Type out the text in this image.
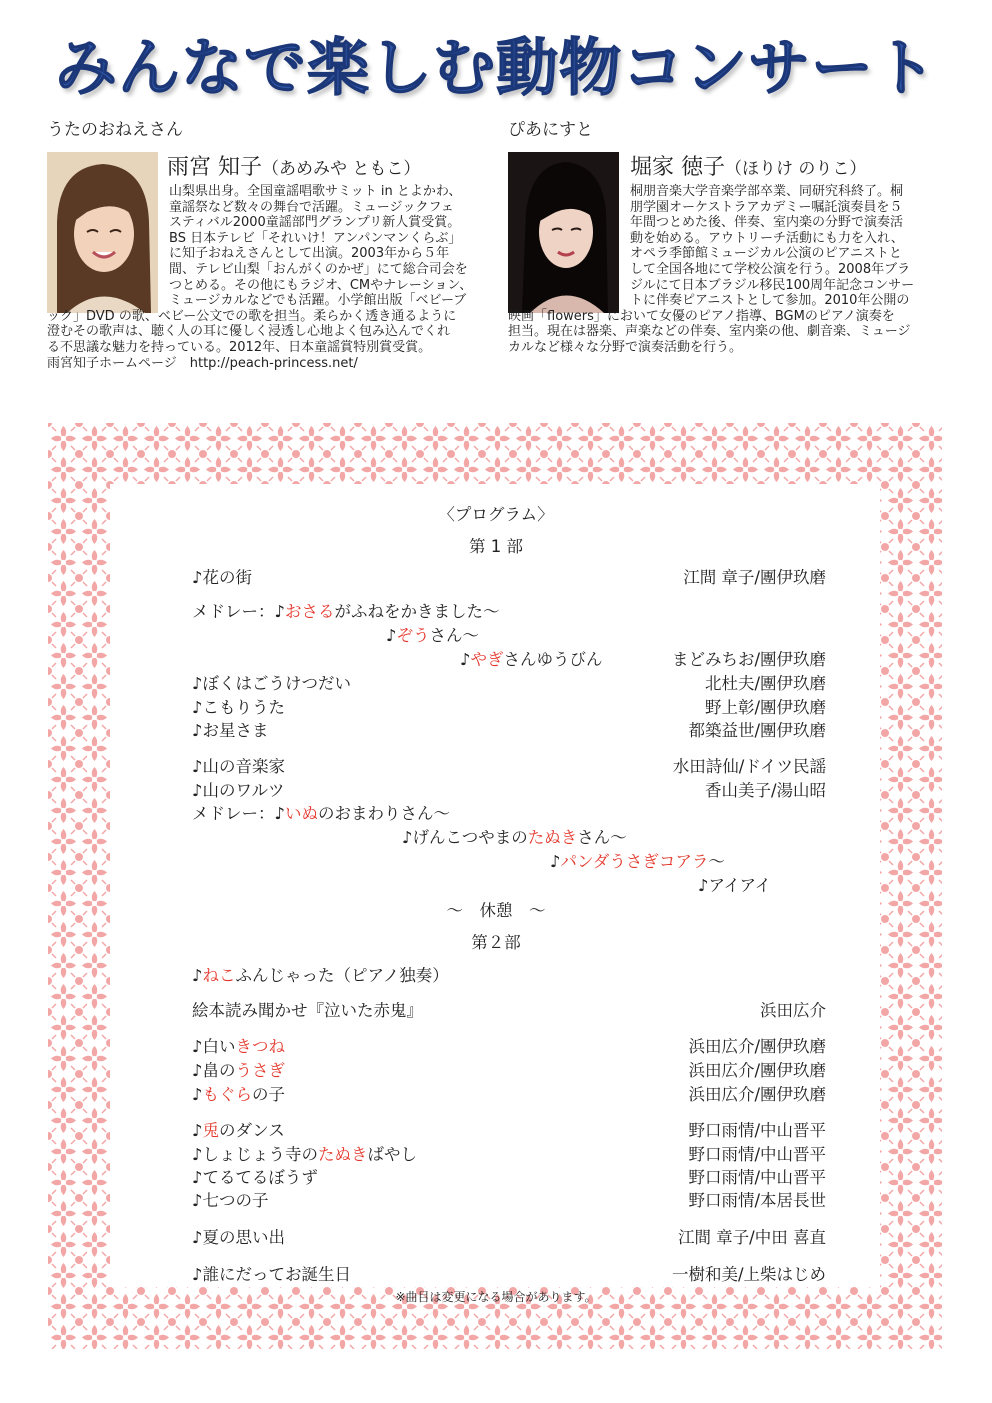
みんなで楽しむ動物コンサート
うたのおねえさん
雨宮 知子（あめみや ともこ）
山梨県出身。全国童謡唱歌サミット in とよかわ、
童謡祭など数々の舞台で活躍。ミュージックフェ
スティバル2000童謡部門グランプリ新人賞受賞。
BS 日本テレビ「それいけ！アンパンマンくらぶ」
に知子おねえさんとして出演。2003年から５年
間、テレビ山梨「おんがくのかぜ」にて総合司会を
つとめる。その他にもラジオ、CMやナレーション、
ミュージカルなどでも活躍。小学館出版「ベビーブ
ック」DVD の歌、ベビー公文での歌を担当。柔らかく透き通るように
澄むその歌声は、聴く人の耳に優しく浸透し心地よく包み込んでくれ
る不思議な魅力を持っている。2012年、日本童謡賞特別賞受賞。
雨宮知子ホームページ　http://peach-princess.net/
ぴあにすと
堀家 徳子（ほりけ のりこ）
桐朋音楽大学音楽学部卒業、同研究科終了。桐
朋学園オーケストラアカデミー嘱託演奏員を５
年間つとめた後、伴奏、室内楽の分野で演奏活
動を始める。アウトリーチ活動にも力を入れ、
オペラ季節館ミュージカル公演のピアニストと
して全国各地にて学校公演を行う。2008年ブラ
ジルにて日本ブラジル移民100周年記念コンサー
トに伴奏ピアニストとして参加。2010年公開の
映画「flowers」において女優のピアノ指導、BGMのピアノ演奏を
担当。現在は器楽、声楽などの伴奏、室内楽の他、劇音楽、ミュージ
カルなど様々な分野で演奏活動を行う。
〈プログラム〉
第 1 部
〜　休憩　〜
第２部
♪花の街	江間 章子/團伊玖磨
メドレー：♪おさるがふねをかきました〜
♪ぞうさん〜
♪やぎさんゆうびん	まどみちお/團伊玖磨
♪ぼくはごうけつだい	北杜夫/團伊玖磨
♪こもりうた	野上彰/團伊玖磨
♪お星さま	都築益世/團伊玖磨
♪山の音楽家	水田詩仙/ドイツ民謡
♪山のワルツ	香山美子/湯山昭
メドレー：♪いぬのおまわりさん〜
♪げんこつやまのたぬきさん〜
♪パンダうさぎコアラ〜
♪アイアイ
♪ねこふんじゃった（ピアノ独奏）
絵本読み聞かせ『泣いた赤鬼』	浜田広介
♪白いきつね	浜田広介/團伊玖磨
♪畠のうさぎ	浜田広介/團伊玖磨
♪もぐらの子	浜田広介/團伊玖磨
♪兎のダンス	野口雨情/中山晋平
♪しょじょう寺のたぬきばやし	野口雨情/中山晋平
♪てるてるぼうず	野口雨情/中山晋平
♪七つの子	野口雨情/本居長世
♪夏の思い出	江間 章子/中田 喜直
♪誰にだってお誕生日	一樹和美/上柴はじめ
※曲目は変更になる場合があります。
